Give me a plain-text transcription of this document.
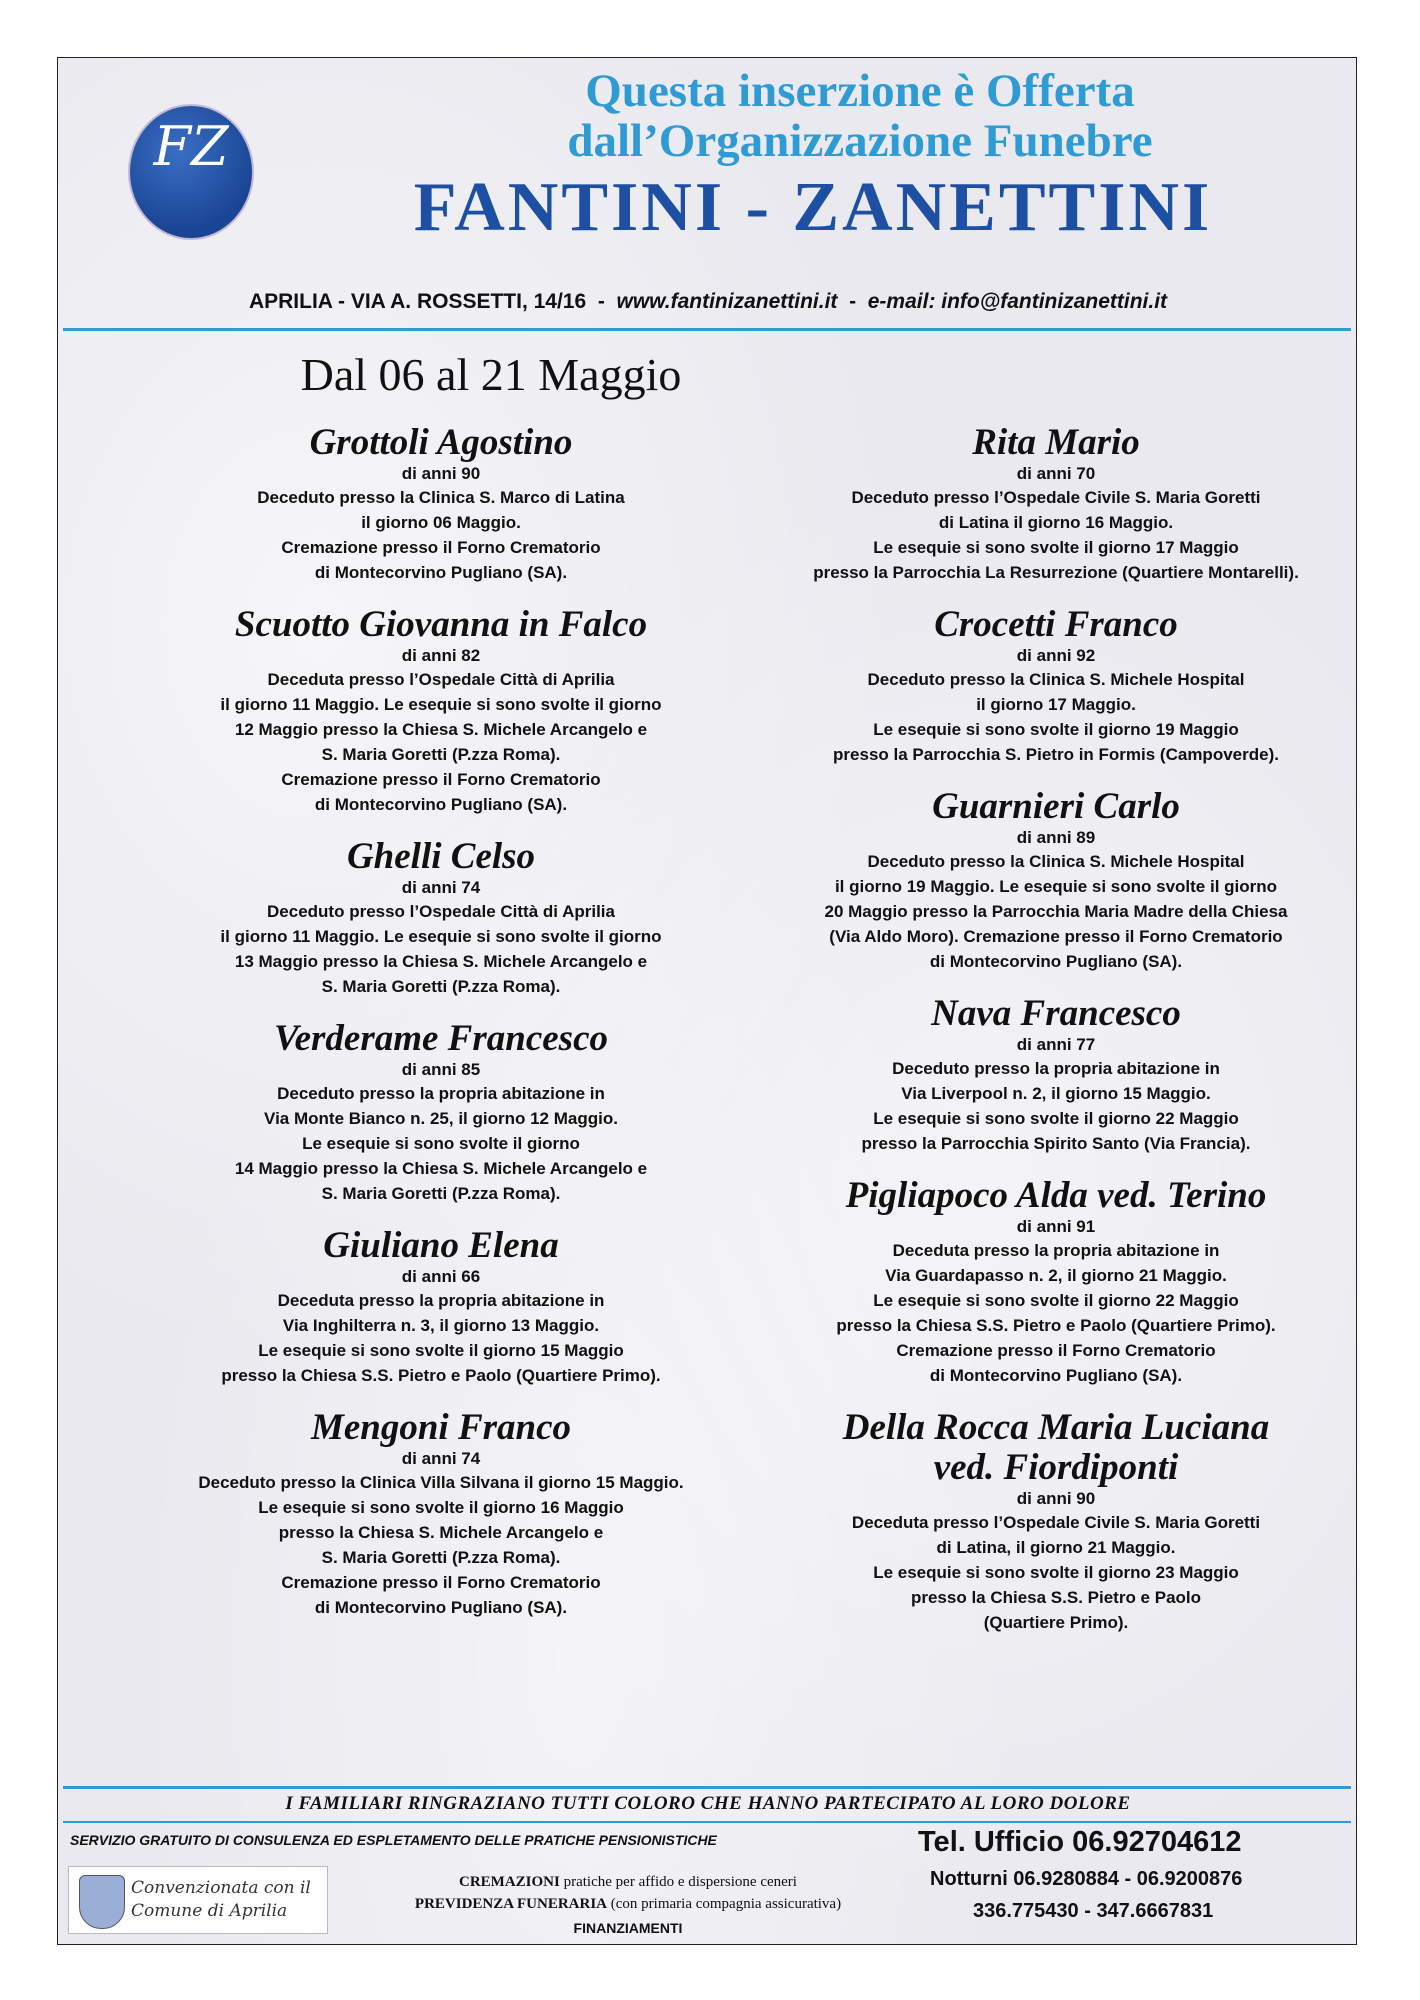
FZ
Questa inserzione è Offerta
dall’Organizzazione Funebre
FANTINI - ZANETTINI
APRILIA - VIA A. ROSSETTI, 14/16  -  www.fantinizanettini.it  -  e-mail: info@fantinizanettini.it
Dal 06 al 21 Maggio
Grottoli Agostino
di anni 90
Deceduto presso la Clinica S. Marco di Latina
il giorno 06 Maggio.
Cremazione presso il Forno Crematorio
di Montecorvino Pugliano (SA).
Scuotto Giovanna in Falco
di anni 82
Deceduta presso l’Ospedale Città di Aprilia
il giorno 11 Maggio. Le esequie si sono svolte il giorno
12 Maggio presso la Chiesa S. Michele Arcangelo e
S. Maria Goretti (P.zza Roma).
Cremazione presso il Forno Crematorio
di Montecorvino Pugliano (SA).
Ghelli Celso
di anni 74
Deceduto presso l’Ospedale Città di Aprilia
il giorno 11 Maggio. Le esequie si sono svolte il giorno
13 Maggio presso la Chiesa S. Michele Arcangelo e
S. Maria Goretti (P.zza Roma).
Verderame Francesco
di anni 85
Deceduto presso la propria abitazione in
Via Monte Bianco n. 25, il giorno 12 Maggio.
Le esequie si sono svolte il giorno
14 Maggio presso la Chiesa S. Michele Arcangelo e
S. Maria Goretti (P.zza Roma).
Giuliano Elena
di anni 66
Deceduta presso la propria abitazione in
Via Inghilterra n. 3, il giorno 13 Maggio.
Le esequie si sono svolte il giorno 15 Maggio
presso la Chiesa S.S. Pietro e Paolo (Quartiere Primo).
Mengoni Franco
di anni 74
Deceduto presso la Clinica Villa Silvana il giorno 15 Maggio.
Le esequie si sono svolte il giorno 16 Maggio
presso la Chiesa S. Michele Arcangelo e
S. Maria Goretti (P.zza Roma).
Cremazione presso il Forno Crematorio
di Montecorvino Pugliano (SA).
Rita Mario
di anni 70
Deceduto presso l’Ospedale Civile S. Maria Goretti
di Latina il giorno 16 Maggio.
Le esequie si sono svolte il giorno 17 Maggio
presso la Parrocchia La Resurrezione (Quartiere Montarelli).
Crocetti Franco
di anni 92
Deceduto presso la Clinica S. Michele Hospital
il giorno 17 Maggio.
Le esequie si sono svolte il giorno 19 Maggio
presso la Parrocchia S. Pietro in Formis (Campoverde).
Guarnieri Carlo
di anni 89
Deceduto presso la Clinica S. Michele Hospital
il giorno 19 Maggio. Le esequie si sono svolte il giorno
20 Maggio presso la Parrocchia Maria Madre della Chiesa
(Via Aldo Moro). Cremazione presso il Forno Crematorio
di Montecorvino Pugliano (SA).
Nava Francesco
di anni 77
Deceduto presso la propria abitazione in
Via Liverpool n. 2, il giorno 15 Maggio.
Le esequie si sono svolte il giorno 22 Maggio
presso la Parrocchia Spirito Santo (Via Francia).
Pigliapoco Alda ved. Terino
di anni 91
Deceduta presso la propria abitazione in
Via Guardapasso n. 2, il giorno 21 Maggio.
Le esequie si sono svolte il giorno 22 Maggio
presso la Chiesa S.S. Pietro e Paolo (Quartiere Primo).
Cremazione presso il Forno Crematorio
di Montecorvino Pugliano (SA).
Della Rocca Maria Luciana
ved. Fiordiponti
di anni 90
Deceduta presso l’Ospedale Civile S. Maria Goretti
di Latina, il giorno 21 Maggio.
Le esequie si sono svolte il giorno 23 Maggio
presso la Chiesa S.S. Pietro e Paolo
(Quartiere Primo).
I FAMILIARI RINGRAZIANO TUTTI COLORO CHE HANNO PARTECIPATO AL LORO DOLORE
SERVIZIO GRATUITO DI CONSULENZA ED ESPLETAMENTO DELLE PRATICHE PENSIONISTICHE
Convenzionata con il
Comune di Aprilia
CREMAZIONI pratiche per affido e dispersione ceneri
PREVIDENZA FUNERARIA (con primaria compagnia assicurativa)
FINANZIAMENTI
Tel. Ufficio 06.92704612
Notturni 06.9280884 - 06.9200876
336.775430 - 347.6667831
